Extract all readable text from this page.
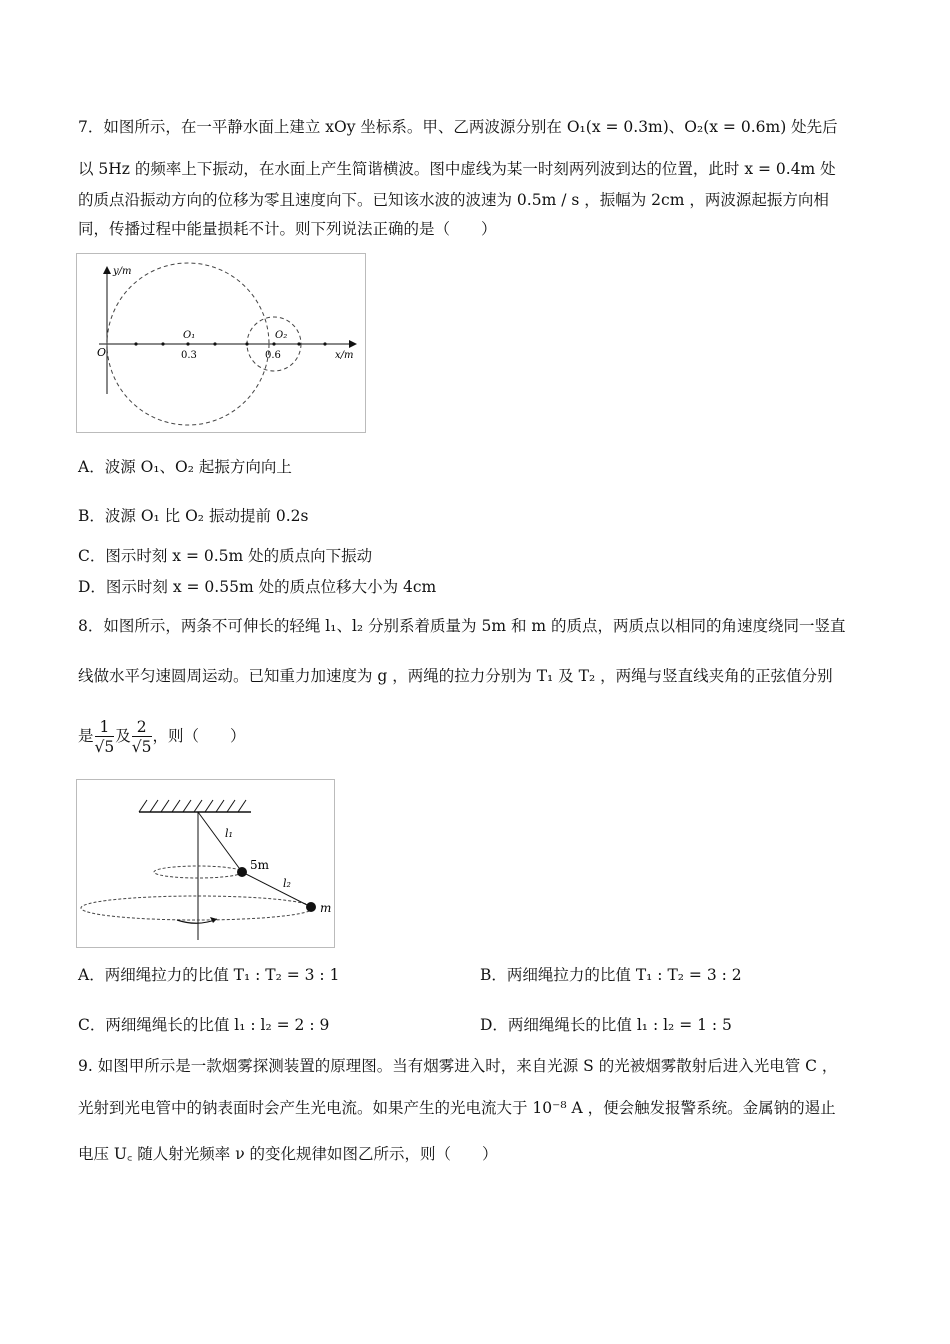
7．如图所示，在一平静水面上建立 xOy 坐标系。甲、乙两波源分别在 O₁(x = 0.3m)、O₂(x = 0.6m) 处先后
以 5Hz 的频率上下振动，在水面上产生简谐横波。图中虚线为某一时刻两列波到达的位置，此时 x = 0.4m 处
的质点沿振动方向的位移为零且速度向下。已知该水波的波速为 0.5m / s ，振幅为 2cm ，两波源起振方向相
同，传播过程中能量损耗不计。则下列说法正确的是（　　）
y/m
x/m
O
O₁	O₂
0.3	0.6
A．波源 O₁、O₂ 起振方向向上
B．波源 O₁ 比 O₂ 振动提前 0.2s
C．图示时刻 x = 0.5m 处的质点向下振动
D．图示时刻 x = 0.55m 处的质点位移大小为 4cm
8．如图所示，两条不可伸长的轻绳 l₁、l₂ 分别系着质量为 5m 和 m 的质点，两质点以相同的角速度绕同一竖直
线做水平匀速圆周运动。已知重力加速度为 g ，两绳的拉力分别为 T₁ 及 T₂ ，两绳与竖直线夹角的正弦值分别
是 $\frac{1}{√5}$ 及 $\frac{2}{√5}$ ，则（　　）
l₁
l₂
5m
m
A．两细绳拉力的比值 T₁ : T₂ = 3 : 1	B．两细绳拉力的比值 T₁ : T₂ = 3 : 2
C．两细绳绳长的比值 l₁ : l₂ = 2 : 9	D．两细绳绳长的比值 l₁ : l₂ = 1 : 5
9. 如图甲所示是一款烟雾探测装置的原理图。当有烟雾进入时，来自光源 S 的光被烟雾散射后进入光电管 C ，
光射到光电管中的钠表面时会产生光电流。如果产生的光电流大于 10⁻⁸ A ，便会触发报警系统。金属钠的遏止
电压 U꜀ 随人射光频率 ν 的变化规律如图乙所示，则（　　）
